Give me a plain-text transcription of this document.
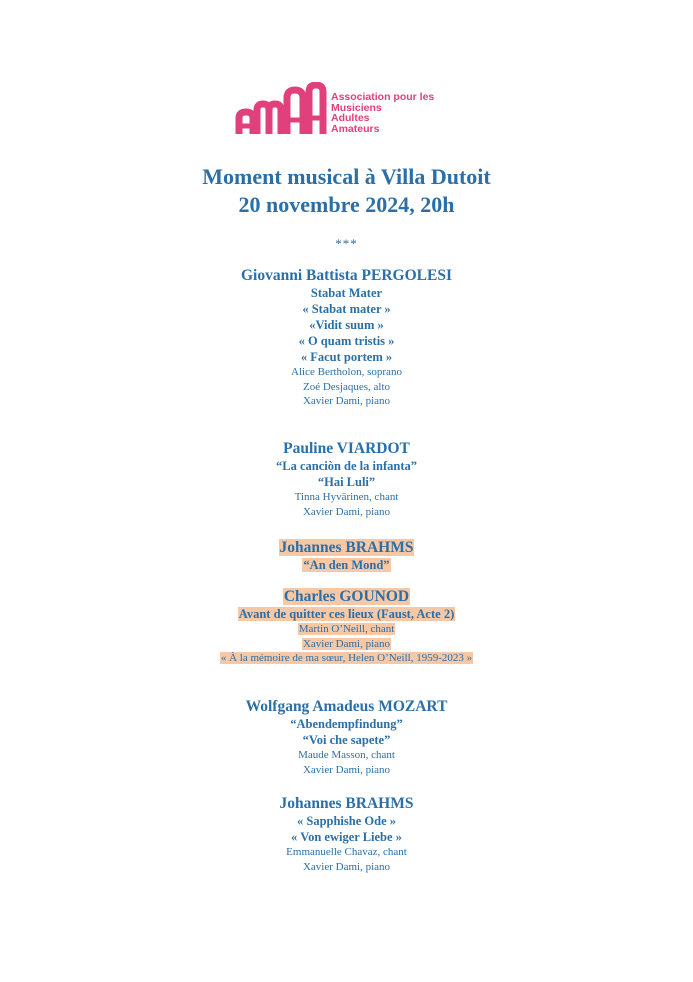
Association pour les
Musiciens
Adultes
Amateurs
Moment musical à Villa Dutoit
20 novembre 2024, 20h
***
Giovanni Battista PERGOLESI
Stabat Mater
« Stabat mater »
«Vidit suum »
« O quam tristis »
« Facut portem »
Alice Bertholon, soprano
Zoé Desjaques, alto
Xavier Dami, piano
Pauline VIARDOT
“La canciòn de la infanta”
“Hai Luli”
Tinna Hyvärinen, chant
Xavier Dami, piano
Johannes BRAHMS
“An den Mond”
Charles GOUNOD
Avant de quitter ces lieux (Faust, Acte 2)
Martin O’Neill, chant
Xavier Dami, piano
« À la mémoire de ma sœur, Helen O’Neill, 1959-2023 »
Wolfgang Amadeus MOZART
“Abendempfindung”
“Voi che sapete”
Maude Masson, chant
Xavier Dami, piano
Johannes BRAHMS
« Sapphishe Ode »
« Von ewiger Liebe »
Emmanuelle Chavaz, chant
Xavier Dami, piano
